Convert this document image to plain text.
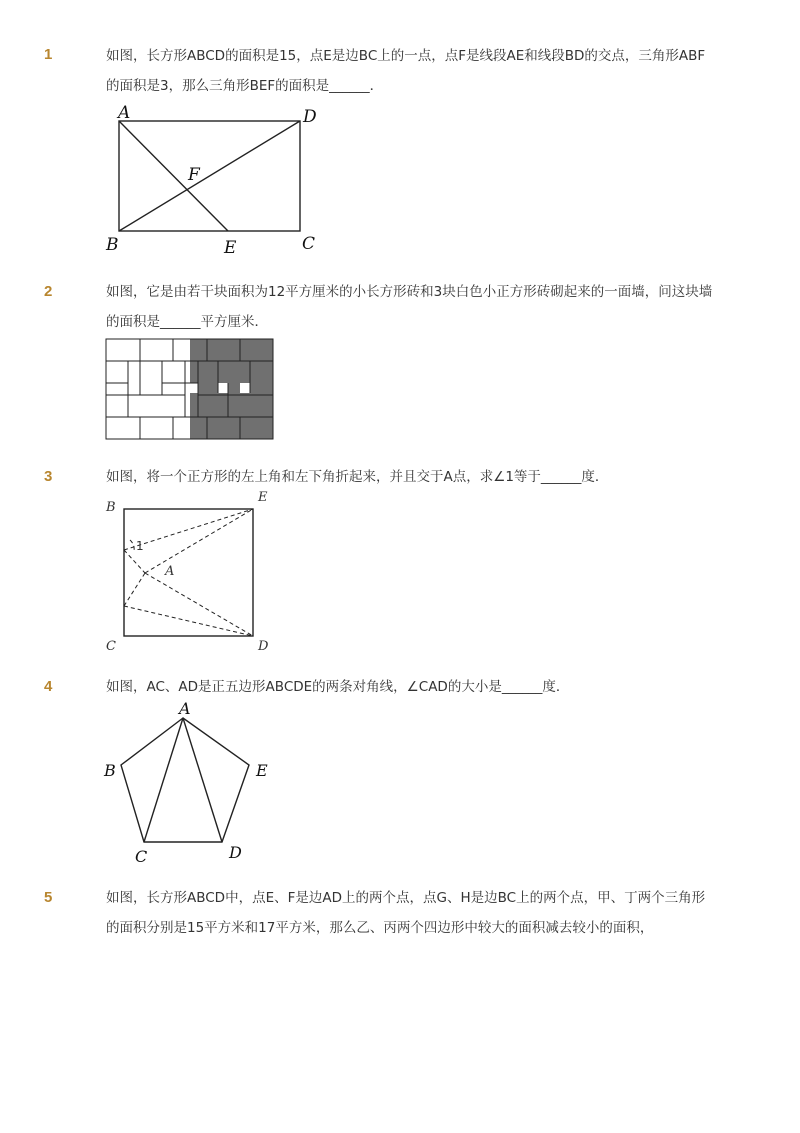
1	如图，长方形ABCD的面积是15，点E是边BC上的一点，点F是线段AE和线段BD的交点，三角形ABF的面积是3，那么三角形BEF的面积是______．
A	D
B	E	C
F
2	如图，它是由若干块面积为12平方厘米的小长方形砖和3块白色小正方形砖砌起来的一面墙，问这块墙的面积是______平方厘米．
3	如图，将一个正方形的左上角和左下角折起来，并且交于A点，求∠1等于______度．
B
E
C	D
A
1
4	如图，AC、AD是正五边形ABCDE的两条对角线，∠CAD的大小是______度．
A
B	E
C	D
5	如图，长方形ABCD中，点E、F是边AD上的两个点，点G、H是边BC上的两个点，甲、丁两个三角形的面积分别是15平方米和17平方米，那么乙、丙两个四边形中较大的面积减去较小的面积，
